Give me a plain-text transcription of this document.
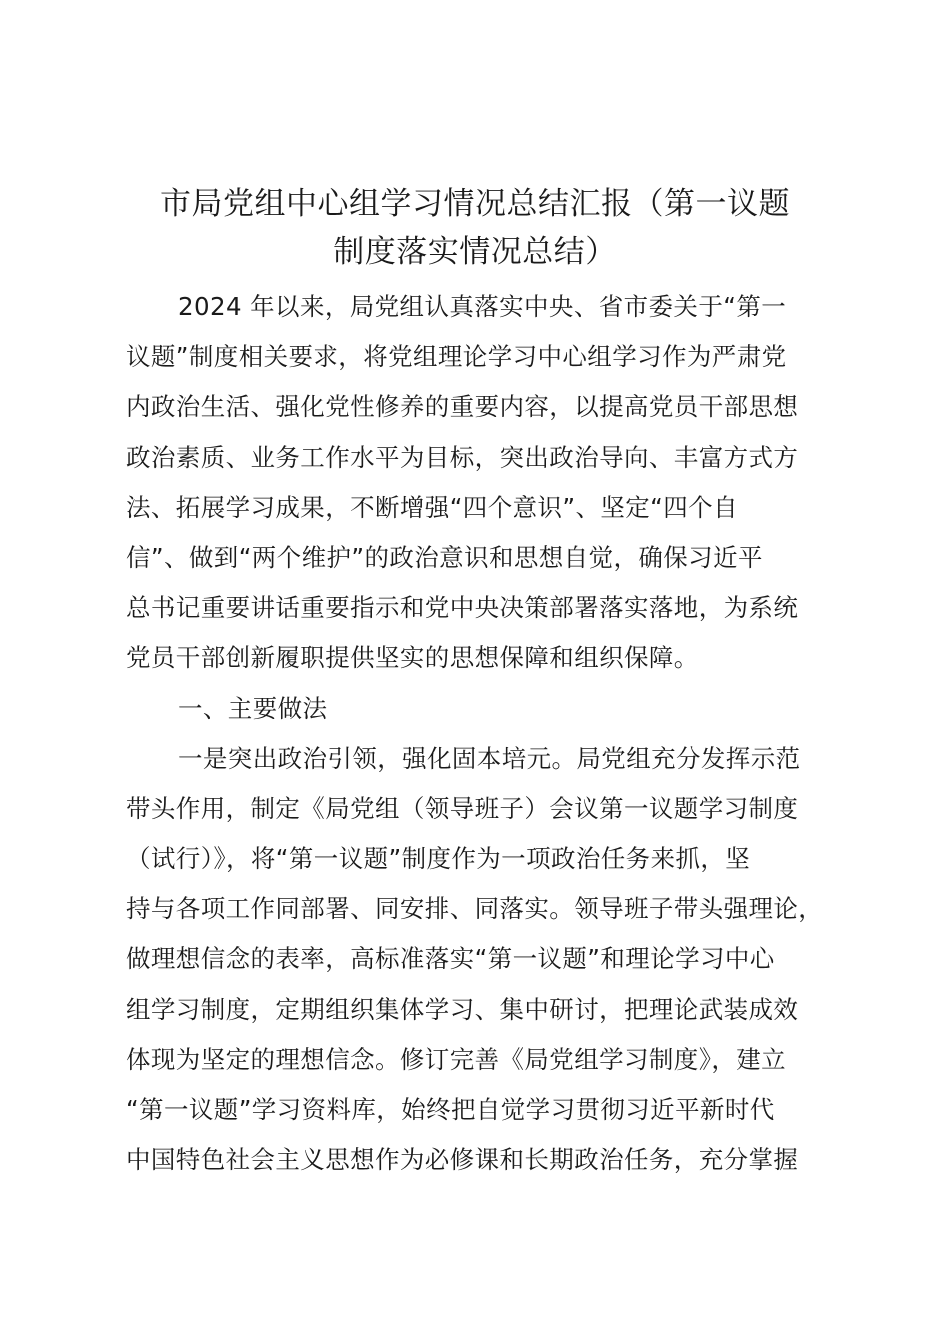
市局党组中心组学习情况总结汇报（第一议题
制度落实情况总结）
2024 年以来，局党组认真落实中央、省市委关于“第一
议题”制度相关要求，将党组理论学习中心组学习作为严肃党
内政治生活、强化党性修养的重要内容，以提高党员干部思想
政治素质、业务工作水平为目标，突出政治导向、丰富方式方
法、拓展学习成果，不断增强“四个意识”、坚定“四个自
信”、做到“两个维护”的政治意识和思想自觉，确保习近平
总书记重要讲话重要指示和党中央决策部署落实落地，为系统
党员干部创新履职提供坚实的思想保障和组织保障。
一、主要做法
一是突出政治引领，强化固本培元。局党组充分发挥示范
带头作用，制定《局党组（领导班子）会议第一议题学习制度
（试行）》，将“第一议题”制度作为一项政治任务来抓，坚
持与各项工作同部署、同安排、同落实。领导班子带头强理论，
做理想信念的表率，高标准落实“第一议题”和理论学习中心
组学习制度，定期组织集体学习、集中研讨，把理论武装成效
体现为坚定的理想信念。修订完善《局党组学习制度》，建立
“第一议题”学习资料库，始终把自觉学习贯彻习近平新时代
中国特色社会主义思想作为必修课和长期政治任务，充分掌握
